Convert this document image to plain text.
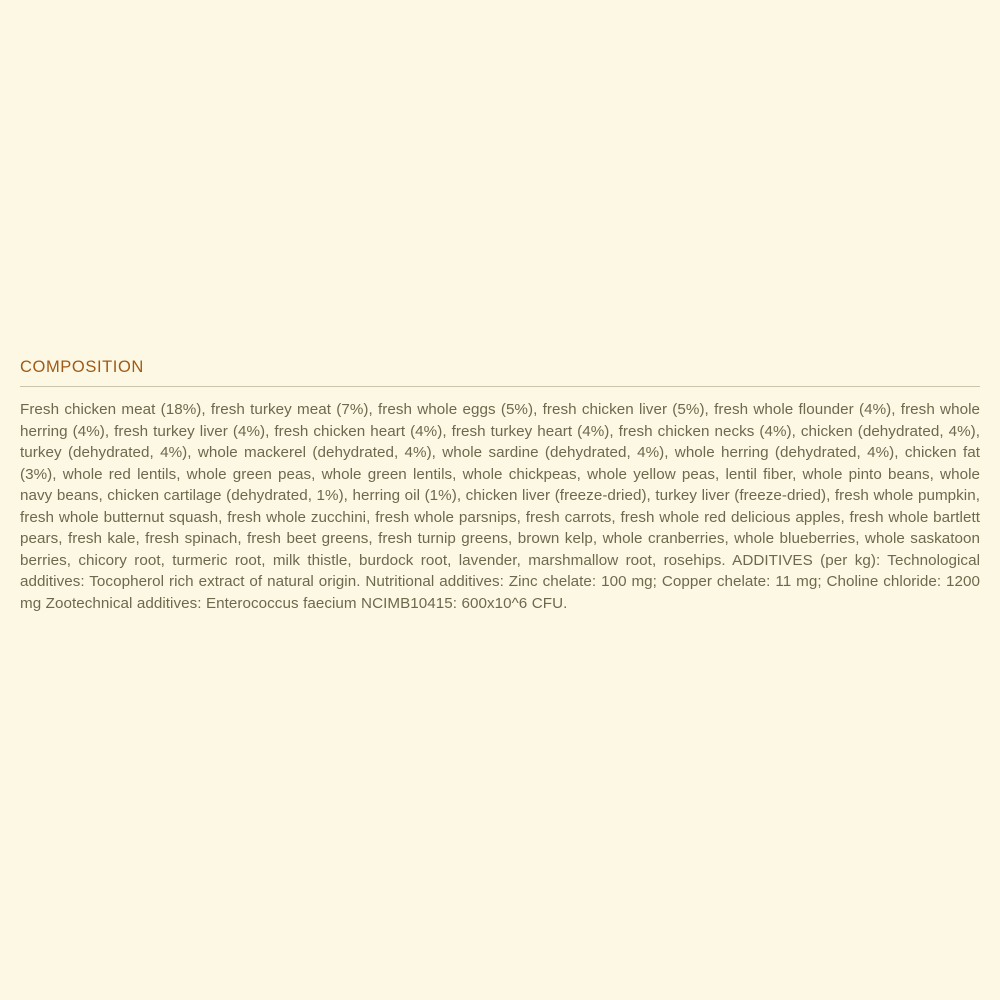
COMPOSITION
Fresh chicken meat (18%), fresh turkey meat (7%), fresh whole eggs (5%), fresh chicken liver (5%), fresh whole flounder (4%), fresh whole herring (4%), fresh turkey liver (4%), fresh chicken heart (4%), fresh turkey heart (4%), fresh chicken necks (4%), chicken (dehydrated, 4%), turkey (dehydrated, 4%), whole mackerel (dehydrated, 4%), whole sardine (dehydrated, 4%), whole herring (dehydrated, 4%), chicken fat (3%), whole red lentils, whole green peas, whole green lentils, whole chickpeas, whole yellow peas, lentil fiber, whole pinto beans, whole navy beans, chicken cartilage (dehydrated, 1%), herring oil (1%), chicken liver (freeze-dried), turkey liver (freeze-dried), fresh whole pumpkin, fresh whole butternut squash, fresh whole zucchini, fresh whole parsnips, fresh carrots, fresh whole red delicious apples, fresh whole bartlett pears, fresh kale, fresh spinach, fresh beet greens, fresh turnip greens, brown kelp, whole cranberries, whole blueberries, whole saskatoon berries, chicory root, turmeric root, milk thistle, burdock root, lavender, marshmallow root, rosehips. ADDITIVES (per kg): Technological additives: Tocopherol rich extract of natural origin. Nutritional additives: Zinc chelate: 100 mg; Copper chelate: 11 mg; Choline chloride: 1200 mg Zootechnical additives: Enterococcus faecium NCIMB10415: 600x10^6 CFU.
